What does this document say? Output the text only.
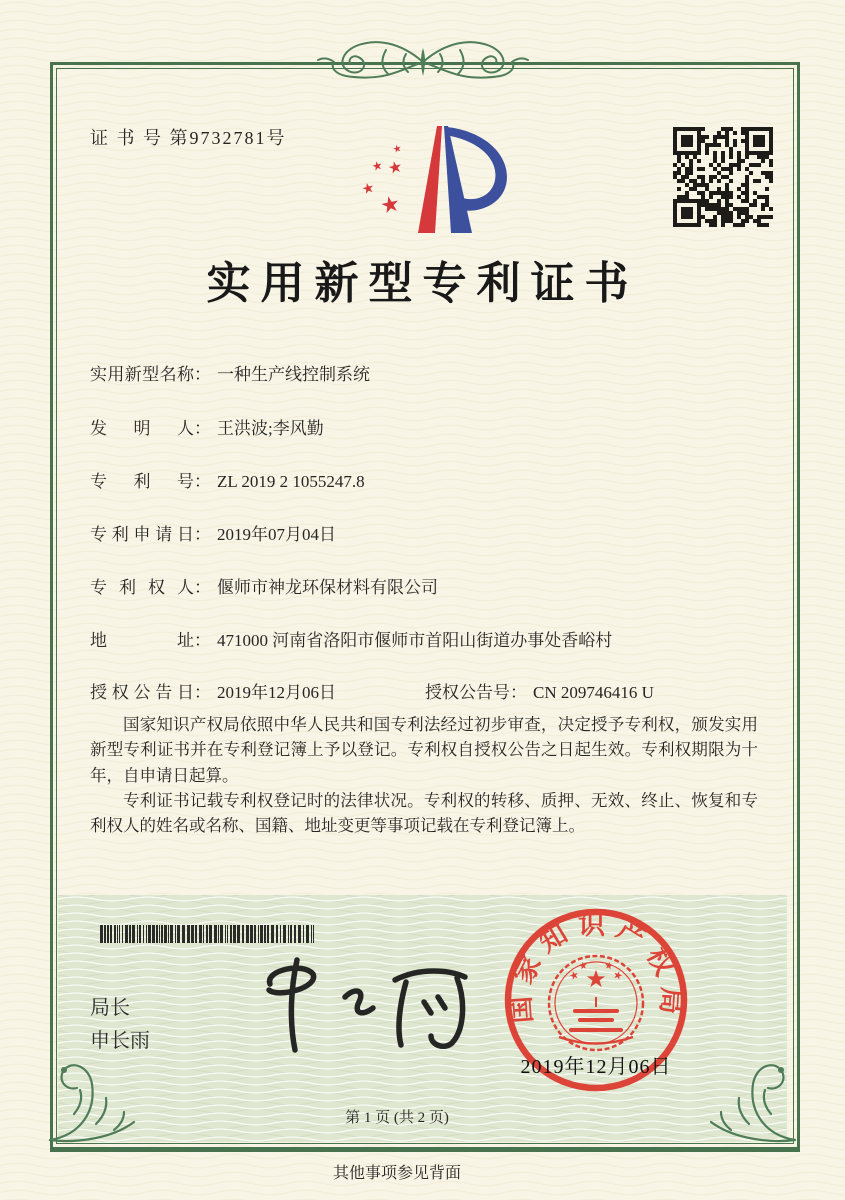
证 书 号 第9732781号
★
★ ★
★
★
实用新型专利证书
实 用 新 型 名 称 ： 一种生产线控制系统
发 明 人 ： 王洪波;李风勤
专 利 号 ： ZL 2019 2 1055247.8
专 利 申 请 日 ： 2019年07月04日
专 利 权 人 ： 偃师市神龙环保材料有限公司
地	址 ： 471000 河南省洛阳市偃师市首阳山街道办事处香峪村
授 权 公 告 日 ： 2019年12月06日	授权公告号： CN 209746416 U

国家知识产权局依照中华人民共和国专利法经过初步审查，决定授予专利权，颁发实用新型专利证书并在专利登记簿上予以登记。专利权自授权公告之日起生效。专利权期限为十年，自申请日起算。

专利证书记载专利权登记时的法律状况。专利权的转移、质押、无效、终止、恢复和专利权人的姓名或名称、国籍、地址变更等事项记载在专利登记簿上。

局长
申长雨
国家知识产权局
★
★	★
★ ★
2019年12月06日
第 1 页 (共 2 页)
其他事项参见背面
